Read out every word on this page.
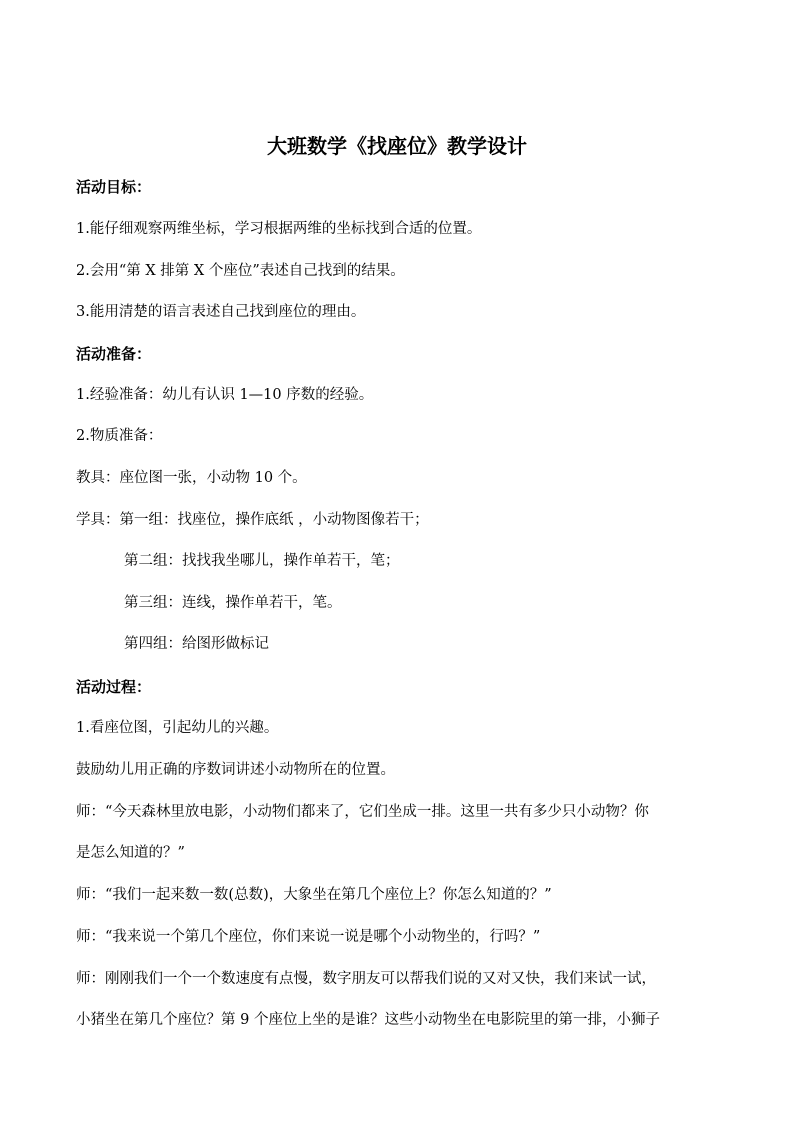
大班数学《找座位》教学设计
活动目标：
1.能仔细观察两维坐标，学习根据两维的坐标找到合适的位置。
2.会用“第 X 排第 X 个座位”表述自己找到的结果。
3.能用清楚的语言表述自己找到座位的理由。
活动准备：
1.经验准备：幼儿有认识 1—10 序数的经验。
2.物质准备：
教具：座位图一张，小动物 10 个。
学具：第一组：找座位，操作底纸 ，小动物图像若干；
第二组：找找我坐哪儿，操作单若干，笔；
第三组：连线，操作单若干，笔。
第四组：给图形做标记
活动过程：
1.看座位图，引起幼儿的兴趣。
鼓励幼儿用正确的序数词讲述小动物所在的位置。
师：“今天森林里放电影，小动物们都来了，它们坐成一排。这里一共有多少只小动物？你
是怎么知道的？”
师：“我们一起来数一数(总数)，大象坐在第几个座位上？你怎么知道的？”
师：“我来说一个第几个座位，你们来说一说是哪个小动物坐的，行吗？”
师：刚刚我们一个一个数速度有点慢，数字朋友可以帮我们说的又对又快，我们来试一试，
小猪坐在第几个座位？第 9 个座位上坐的是谁？这些小动物坐在电影院里的第一排，小狮子
